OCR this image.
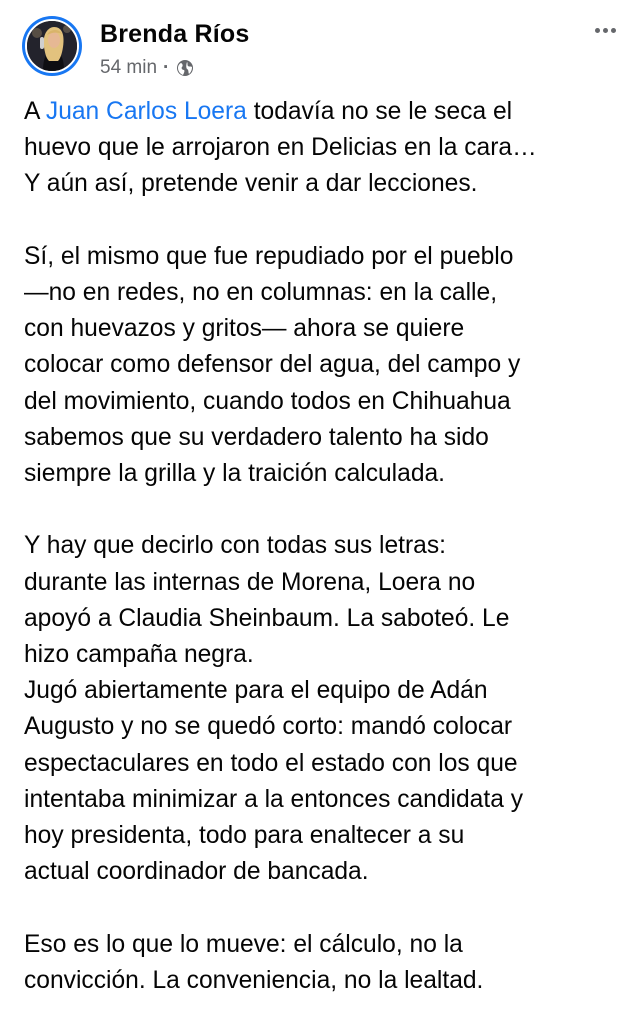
Brenda Ríos
54 min ·
A Juan Carlos Loera todavía no se le seca el
huevo que le arrojaron en Delicias en la cara…
Y aún así, pretende venir a dar lecciones.
Sí, el mismo que fue repudiado por el pueblo
—no en redes, no en columnas: en la calle,
con huevazos y gritos— ahora se quiere
colocar como defensor del agua, del campo y
del movimiento, cuando todos en Chihuahua
sabemos que su verdadero talento ha sido
siempre la grilla y la traición calculada.
Y hay que decirlo con todas sus letras:
durante las internas de Morena, Loera no
apoyó a Claudia Sheinbaum. La saboteó. Le
hizo campaña negra.
Jugó abiertamente para el equipo de Adán
Augusto y no se quedó corto: mandó colocar
espectaculares en todo el estado con los que
intentaba minimizar a la entonces candidata y
hoy presidenta, todo para enaltecer a su
actual coordinador de bancada.
Eso es lo que lo mueve: el cálculo, no la
convicción. La conveniencia, no la lealtad.
